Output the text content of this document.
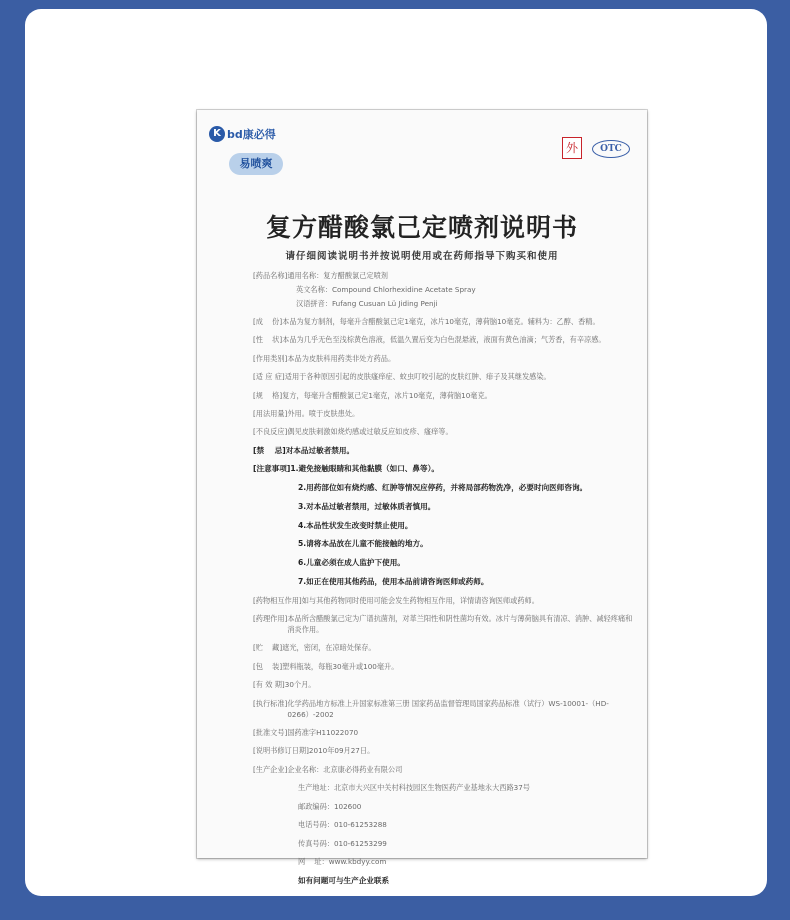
K bd康必得
易喷爽
外	OTC
复方醋酸氯己定喷剂说明书
请仔细阅读说明书并按说明使用或在药师指导下购买和使用
[药品名称] 通用名称：复方醋酸氯己定喷剂
英文名称：Compound Chlorhexidine Acetate Spray
汉语拼音：Fufang Cusuan Lü Jiding Penji
[成    份] 本品为复方制剂，每毫升含醋酸氯己定1毫克，冰片10毫克，薄荷脑10毫克。辅料为：乙醇、香精。
[性    状] 本品为几乎无色至浅棕黄色溶液，低温久置后变为白色混悬液，液面有黄色油滴；气芳香，有辛凉感。
[作用类别] 本品为皮肤科用药类非处方药品。
[适 应 症] 适用于各种原因引起的皮肤瘙痒症、蚊虫叮咬引起的皮肤红肿、痱子及其继发感染。
[规    格] 复方，每毫升含醋酸氯己定1毫克，冰片10毫克，薄荷脑10毫克。
[用法用量] 外用。喷于皮肤患处。
[不良反应] 偶见皮肤刺激如烧灼感或过敏反应如皮疹、瘙痒等。
[禁    忌] 对本品过敏者禁用。
[注意事项] 1.避免接触眼睛和其他黏膜（如口、鼻等）。
2.用药部位如有烧灼感、红肿等情况应停药，并将局部药物洗净，必要时向医师咨询。
3.对本品过敏者禁用，过敏体质者慎用。
4.本品性状发生改变时禁止使用。
5.请将本品放在儿童不能接触的地方。
6.儿童必须在成人监护下使用。
7.如正在使用其他药品，使用本品前请咨询医师或药师。
[药物相互作用] 如与其他药物同时使用可能会发生药物相互作用，详情请咨询医师或药师。
[药理作用] 本品所含醋酸氯己定为广谱抗菌剂，对革兰阳性和阴性菌均有效。冰片与薄荷脑具有清凉、消肿、减轻疼痛和消炎作用。
[贮    藏] 遮光，密闭，在凉暗处保存。
[包    装] 塑料瓶装，每瓶30毫升或100毫升。
[有 效 期] 30个月。
[执行标准] 化学药品地方标准上升国家标准第三册 国家药品监督管理局国家药品标准（试行）WS-10001-（HD-0266）-2002
[批准文号] 国药准字H11022070
[说明书修订日期] 2010年09月27日。
[生产企业] 企业名称：北京康必得药业有限公司
生产地址：北京市大兴区中关村科技园区生物医药产业基地永大西路37号
邮政编码：102600
电话号码：010-61253288
传真号码：010-61253299
网    址：www.kbdyy.com
如有问题可与生产企业联系
